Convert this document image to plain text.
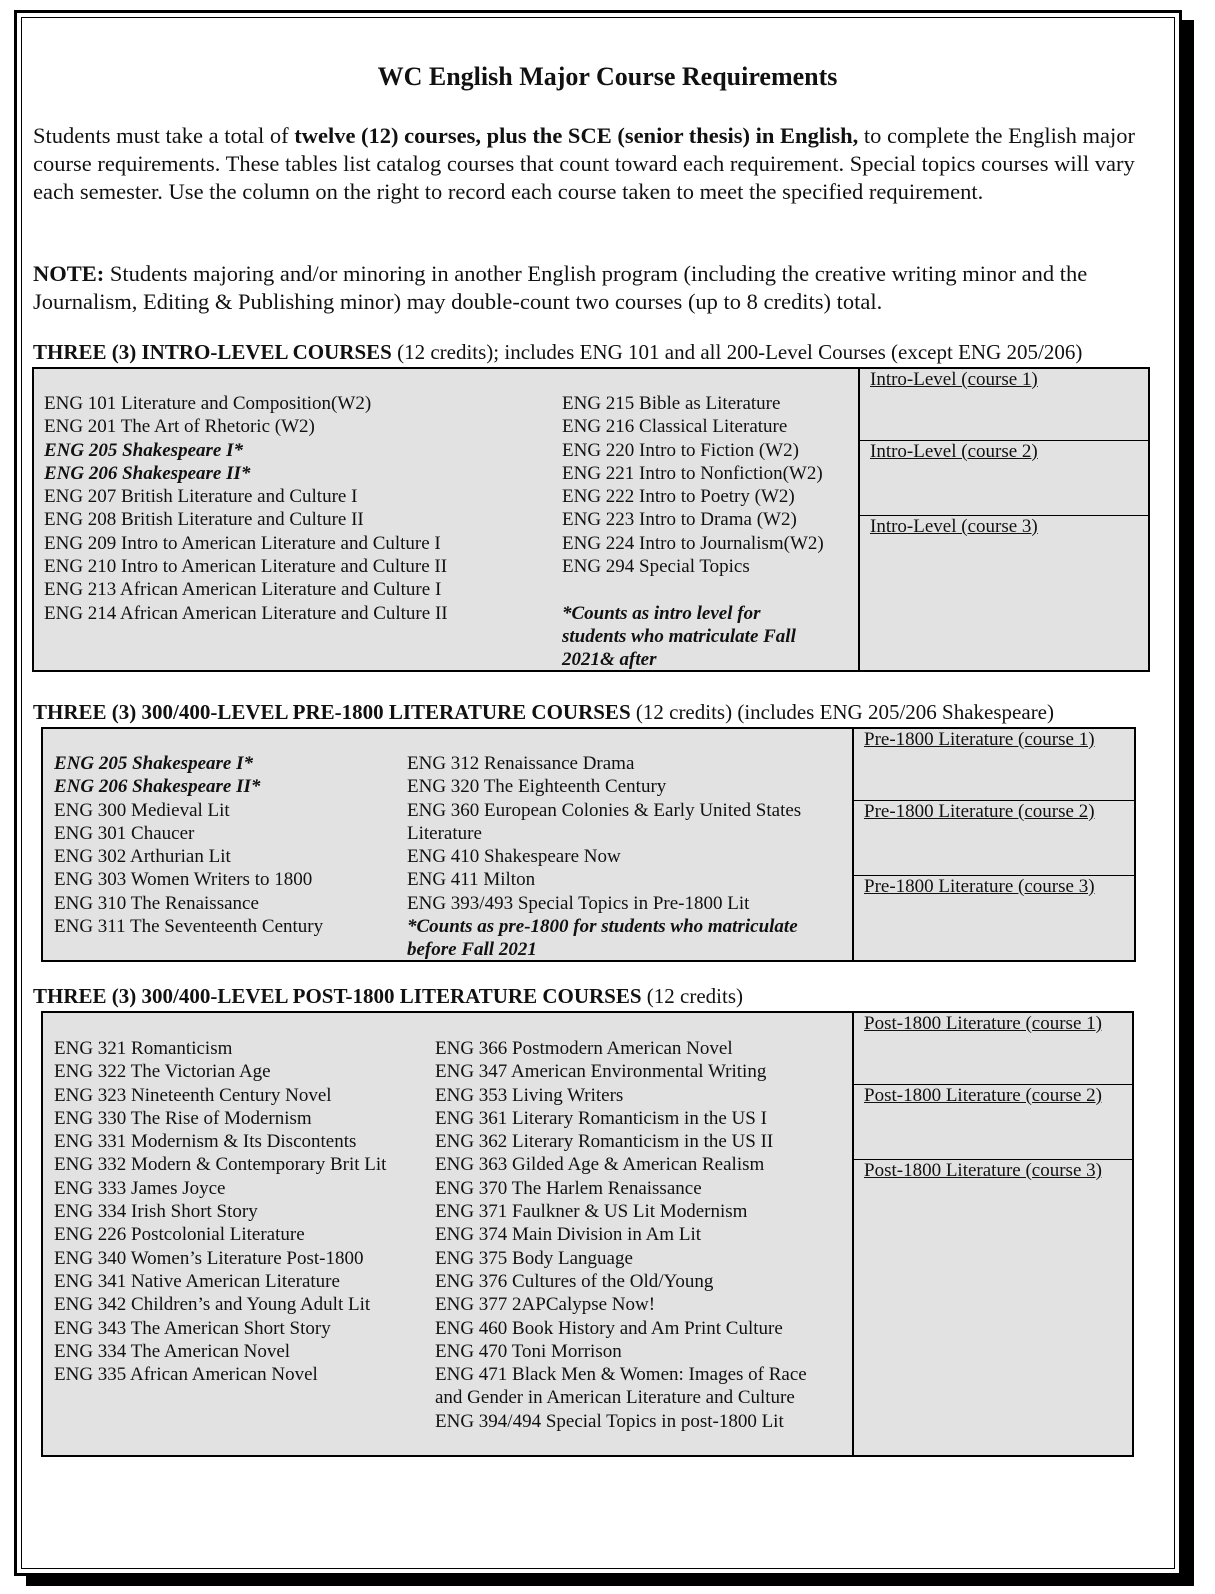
WC English Major Course Requirements

Students must take a total of twelve (12) courses, plus the SCE (senior thesis) in English, to complete the English major course requirements. These tables list catalog courses that count toward each requirement. Special topics courses will vary each semester. Use the column on the right to record each course taken to meet the specified requirement.

NOTE: Students majoring and/or minoring in another English program (including the creative writing minor and the Journalism, Editing & Publishing minor) may double-count two courses (up to 8 credits) total.

THREE (3) INTRO-LEVEL COURSES (12 credits); includes ENG 101 and all 200-Level Courses (except ENG 205/206)
ENG 101 Literature and Composition(W2)
ENG 201 The Art of Rhetoric (W2)
ENG 205 Shakespeare I*
ENG 206 Shakespeare II*
ENG 207 British Literature and Culture I
ENG 208 British Literature and Culture II
ENG 209 Intro to American Literature and Culture I
ENG 210 Intro to American Literature and Culture II
ENG 213 African American Literature and Culture I
ENG 214 African American Literature and Culture II
ENG 215 Bible as Literature
ENG 216 Classical Literature
ENG 220 Intro to Fiction (W2)
ENG 221 Intro to Nonfiction(W2)
ENG 222 Intro to Poetry (W2)
ENG 223 Intro to Drama (W2)
ENG 224 Intro to Journalism(W2)
ENG 294 Special Topics
*Counts as intro level for
students who matriculate Fall
2021& after
Intro-Level (course 1)
Intro-Level (course 2)
Intro-Level (course 3)
THREE (3) 300/400-LEVEL PRE-1800 LITERATURE COURSES (12 credits) (includes ENG 205/206 Shakespeare)
ENG 205 Shakespeare I*
ENG 206 Shakespeare II*
ENG 300 Medieval Lit
ENG 301 Chaucer
ENG 302 Arthurian Lit
ENG 303 Women Writers to 1800
ENG 310 The Renaissance
ENG 311 The Seventeenth Century
ENG 312 Renaissance Drama
ENG 320 The Eighteenth Century
ENG 360 European Colonies & Early United States
Literature
ENG 410 Shakespeare Now
ENG 411 Milton
ENG 393/493 Special Topics in Pre-1800 Lit
*Counts as pre-1800 for students who matriculate
before Fall 2021
Pre-1800 Literature (course 1)
Pre-1800 Literature (course 2)
Pre-1800 Literature (course 3)
THREE (3) 300/400-LEVEL POST-1800 LITERATURE COURSES (12 credits)
ENG 321 Romanticism
ENG 322 The Victorian Age
ENG 323 Nineteenth Century Novel
ENG 330 The Rise of Modernism
ENG 331 Modernism & Its Discontents
ENG 332 Modern & Contemporary Brit Lit
ENG 333 James Joyce
ENG 334 Irish Short Story
ENG 226 Postcolonial Literature
ENG 340 Women’s Literature Post-1800
ENG 341 Native American Literature
ENG 342 Children’s and Young Adult Lit
ENG 343 The American Short Story
ENG 334 The American Novel
ENG 335 African American Novel
ENG 366 Postmodern American Novel
ENG 347 American Environmental Writing
ENG 353 Living Writers
ENG 361 Literary Romanticism in the US I
ENG 362 Literary Romanticism in the US II
ENG 363 Gilded Age & American Realism
ENG 370 The Harlem Renaissance
ENG 371 Faulkner & US Lit Modernism
ENG 374 Main Division in Am Lit
ENG 375 Body Language
ENG 376 Cultures of the Old/Young
ENG 377 2APCalypse Now!
ENG 460 Book History and Am Print Culture
ENG 470 Toni Morrison
ENG 471 Black Men & Women: Images of Race
and Gender in American Literature and Culture
ENG 394/494 Special Topics in post-1800 Lit
Post-1800 Literature (course 1)
Post-1800 Literature (course 2)
Post-1800 Literature (course 3)
